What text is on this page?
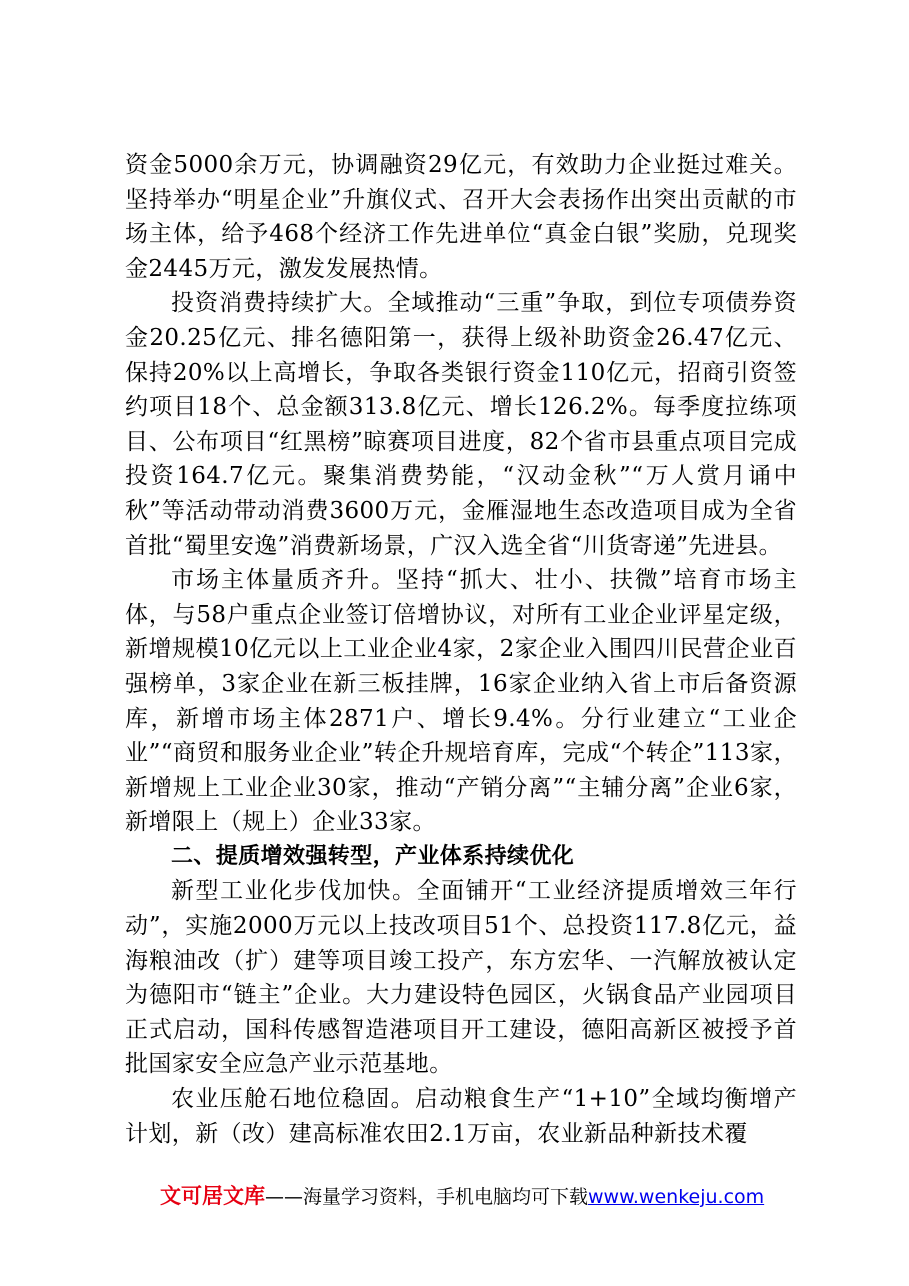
资金5000余万元，协调融资29亿元，有效助力企业挺过难关。坚持举办“明星企业”升旗仪式、召开大会表扬作出突出贡献的市场主体，给予468个经济工作先进单位“真金白银”奖励，兑现奖金2445万元，激发发展热情。

投资消费持续扩大。全域推动“三重”争取，到位专项债券资金20.25亿元、排名德阳第一，获得上级补助资金26.47亿元、保持20%以上高增长，争取各类银行资金110亿元，招商引资签约项目18个、总金额313.8亿元、增长126.2%。每季度拉练项目、公布项目“红黑榜”晾赛项目进度，82个省市县重点项目完成投资164.7亿元。聚集消费势能，“汉动金秋”“万人赏月诵中秋”等活动带动消费3600万元，金雁湿地生态改造项目成为全省首批“蜀里安逸”消费新场景，广汉入选全省“川货寄递”先进县。

市场主体量质齐升。坚持“抓大、壮小、扶微”培育市场主体，与58户重点企业签订倍增协议，对所有工业企业评星定级，新增规模10亿元以上工业企业4家，2家企业入围四川民营企业百强榜单，3家企业在新三板挂牌，16家企业纳入省上市后备资源库，新增市场主体2871户、增长9.4%。分行业建立“工业企业”“商贸和服务业企业”转企升规培育库，完成“个转企”113家，新增规上工业企业30家，推动“产销分离”“主辅分离”企业6家，新增限上（规上）企业33家。

二、提质增效强转型，产业体系持续优化

新型工业化步伐加快。全面铺开“工业经济提质增效三年行动”，实施2000万元以上技改项目51个、总投资117.8亿元，益海粮油改（扩）建等项目竣工投产，东方宏华、一汽解放被认定为德阳市“链主”企业。大力建设特色园区，火锅食品产业园项目正式启动，国科传感智造港项目开工建设，德阳高新区被授予首批国家安全应急产业示范基地。

农业压舱石地位稳固。启动粮食生产“1+10”全域均衡增产计划，新（改）建高标准农田2.1万亩，农业新品种新技术覆

文可居文库——海量学习资料，手机电脑均可下载www.wenkeju.com
